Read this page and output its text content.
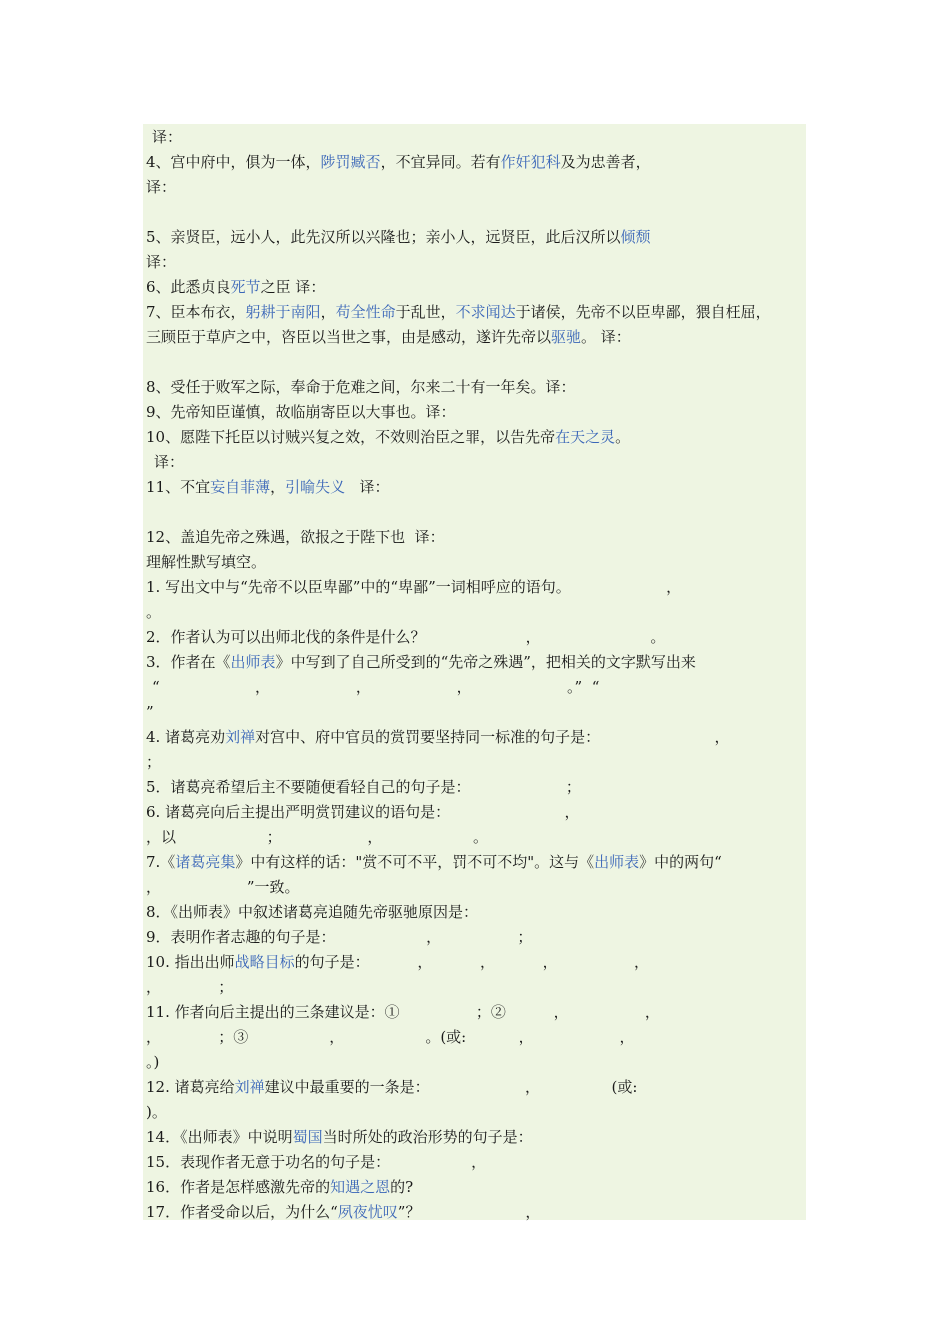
译：
4、宫中府中，俱为一体，陟罚臧否，不宜异同。若有作奸犯科及为忠善者，
译：
5、亲贤臣，远小人，此先汉所以兴隆也；亲小人，远贤臣，此后汉所以倾颓
译：
6、此悉贞良死节之臣 译：
7、臣本布衣，躬耕于南阳，苟全性命于乱世，不求闻达于诸侯，先帝不以臣卑鄙，猥自枉屈，
三顾臣于草庐之中，咨臣以当世之事，由是感动，遂许先帝以驱驰。 译：
8、受任于败军之际，奉命于危难之间，尔来二十有一年矣。译：
9、先帝知臣谨慎，故临崩寄臣以大事也。译：
10、愿陛下托臣以讨贼兴复之效，不效则治臣之罪，以告先帝在天之灵。
译：
11、不宜妄自菲薄，引喻失义   译：
12、盖追先帝之殊遇，欲报之于陛下也  译：
理解性默写填空。
1. 写出文中与“先帝不以臣卑鄙”中的“卑鄙”一词相呼应的语句。                    ，
。
2．作者认为可以出师北伐的条件是什么？                     ，                       。
3．作者在《出师表》中写到了自己所受到的“先帝之殊遇”，把相关的文字默写出来
“                    ，                  ，                  ，                    。”  “
”
4. 诸葛亮劝刘禅对宫中、府中官员的赏罚要坚持同一标准的句子是：                        ，
；
5．诸葛亮希望后主不要随便看轻自己的句子是：                    ；
6. 诸葛亮向后主提出严明赏罚建议的语句是：                        ，
，以                   ；                  ，                   。
7.《诸葛亮集》中有这样的话："赏不可不平，罚不可不均"。这与《出师表》中的两句“
，                  ”一致。
8．《出师表》中叙述诸葛亮追随先帝驱驰原因是：
9．表明作者志趣的句子是：                   ，                ；
10. 指出出师战略目标的句子是：          ，          ，          ，                ，
，            ；
11. 作者向后主提出的三条建议是：①                ；②          ，                ，
，            ；③                 ，                 。(或:           ，                  ，
。)
12. 诸葛亮给刘禅建议中最重要的一条是：                    ，               (或:
)。
14．《出师表》中说明蜀国当时所处的政治形势的句子是：
15．表现作者无意于功名的句子是：                 ，
16．作者是怎样感激先帝的知遇之恩的?
17．作者受命以后，为什么“夙夜忧叹”？                      ，
